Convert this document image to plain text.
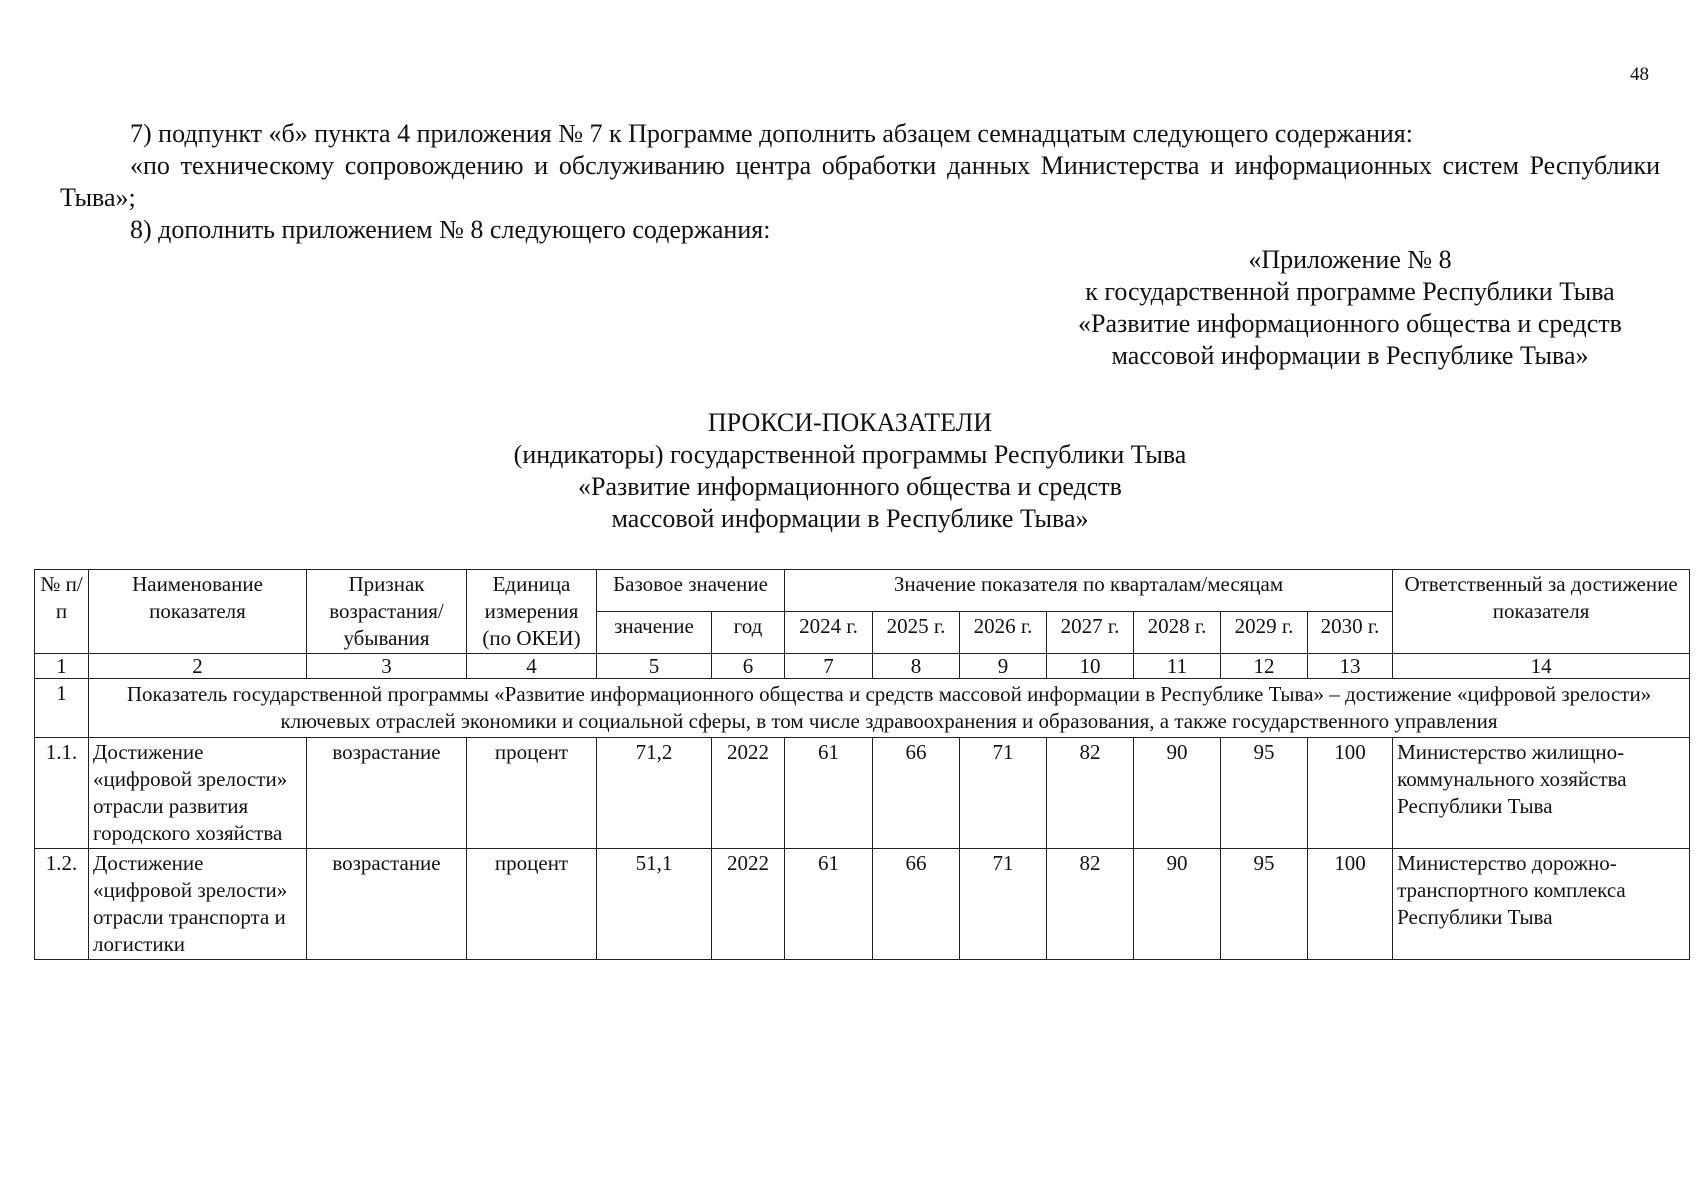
48
7) подпункт «б» пункта 4 приложения № 7 к Программе дополнить абзацем семнадцатым следующего содержания:
«по техническому сопровождению и обслуживанию центра обработки данных Министерства и информационных систем Республики Тыва»;
8) дополнить приложением № 8 следующего содержания:
«Приложение № 8
к государственной программе Республики Тыва
«Развитие информационного общества и средств
массовой информации в Республике Тыва»
ПРОКСИ-ПОКАЗАТЕЛИ
(индикаторы) государственной программы Республики Тыва
«Развитие информационного общества и средств
массовой информации в Республике Тыва»
№ п/п	Наименование показателя	Признак возрастания/ убывания	Единица измерения (по ОКЕИ)	Базовое значение		Значение показателя по кварталам/месяцам							Ответственный за достижение показателя

				значение	год	2024 г.	2025 г.	2026 г.	2027 г.	2028 г.	2029 г.	2030 г.	
1	2	3	4	5	6	7	8	9	10	11	12	13	14
1	Показатель государственной программы «Развитие информационного общества и средств массовой информации в Республике Тыва» – достижение «цифровой зрелости» ключевых отраслей экономики и социальной сферы, в том числе здравоохранения и образования, а также государственного управления												
1.1.	Достижение «цифровой зрелости» отрасли развития городского хозяйства	возрастание	процент	71,2	2022	61	66	71	82	90	95	100	Министерство жилищно-коммунального хозяйства Республики Тыва
1.2.	Достижение «цифровой зрелости» отрасли транспорта и логистики	возрастание	процент	51,1	2022	61	66	71	82	90	95	100	Министерство дорожно-транспортного комплекса Республики Тыва
